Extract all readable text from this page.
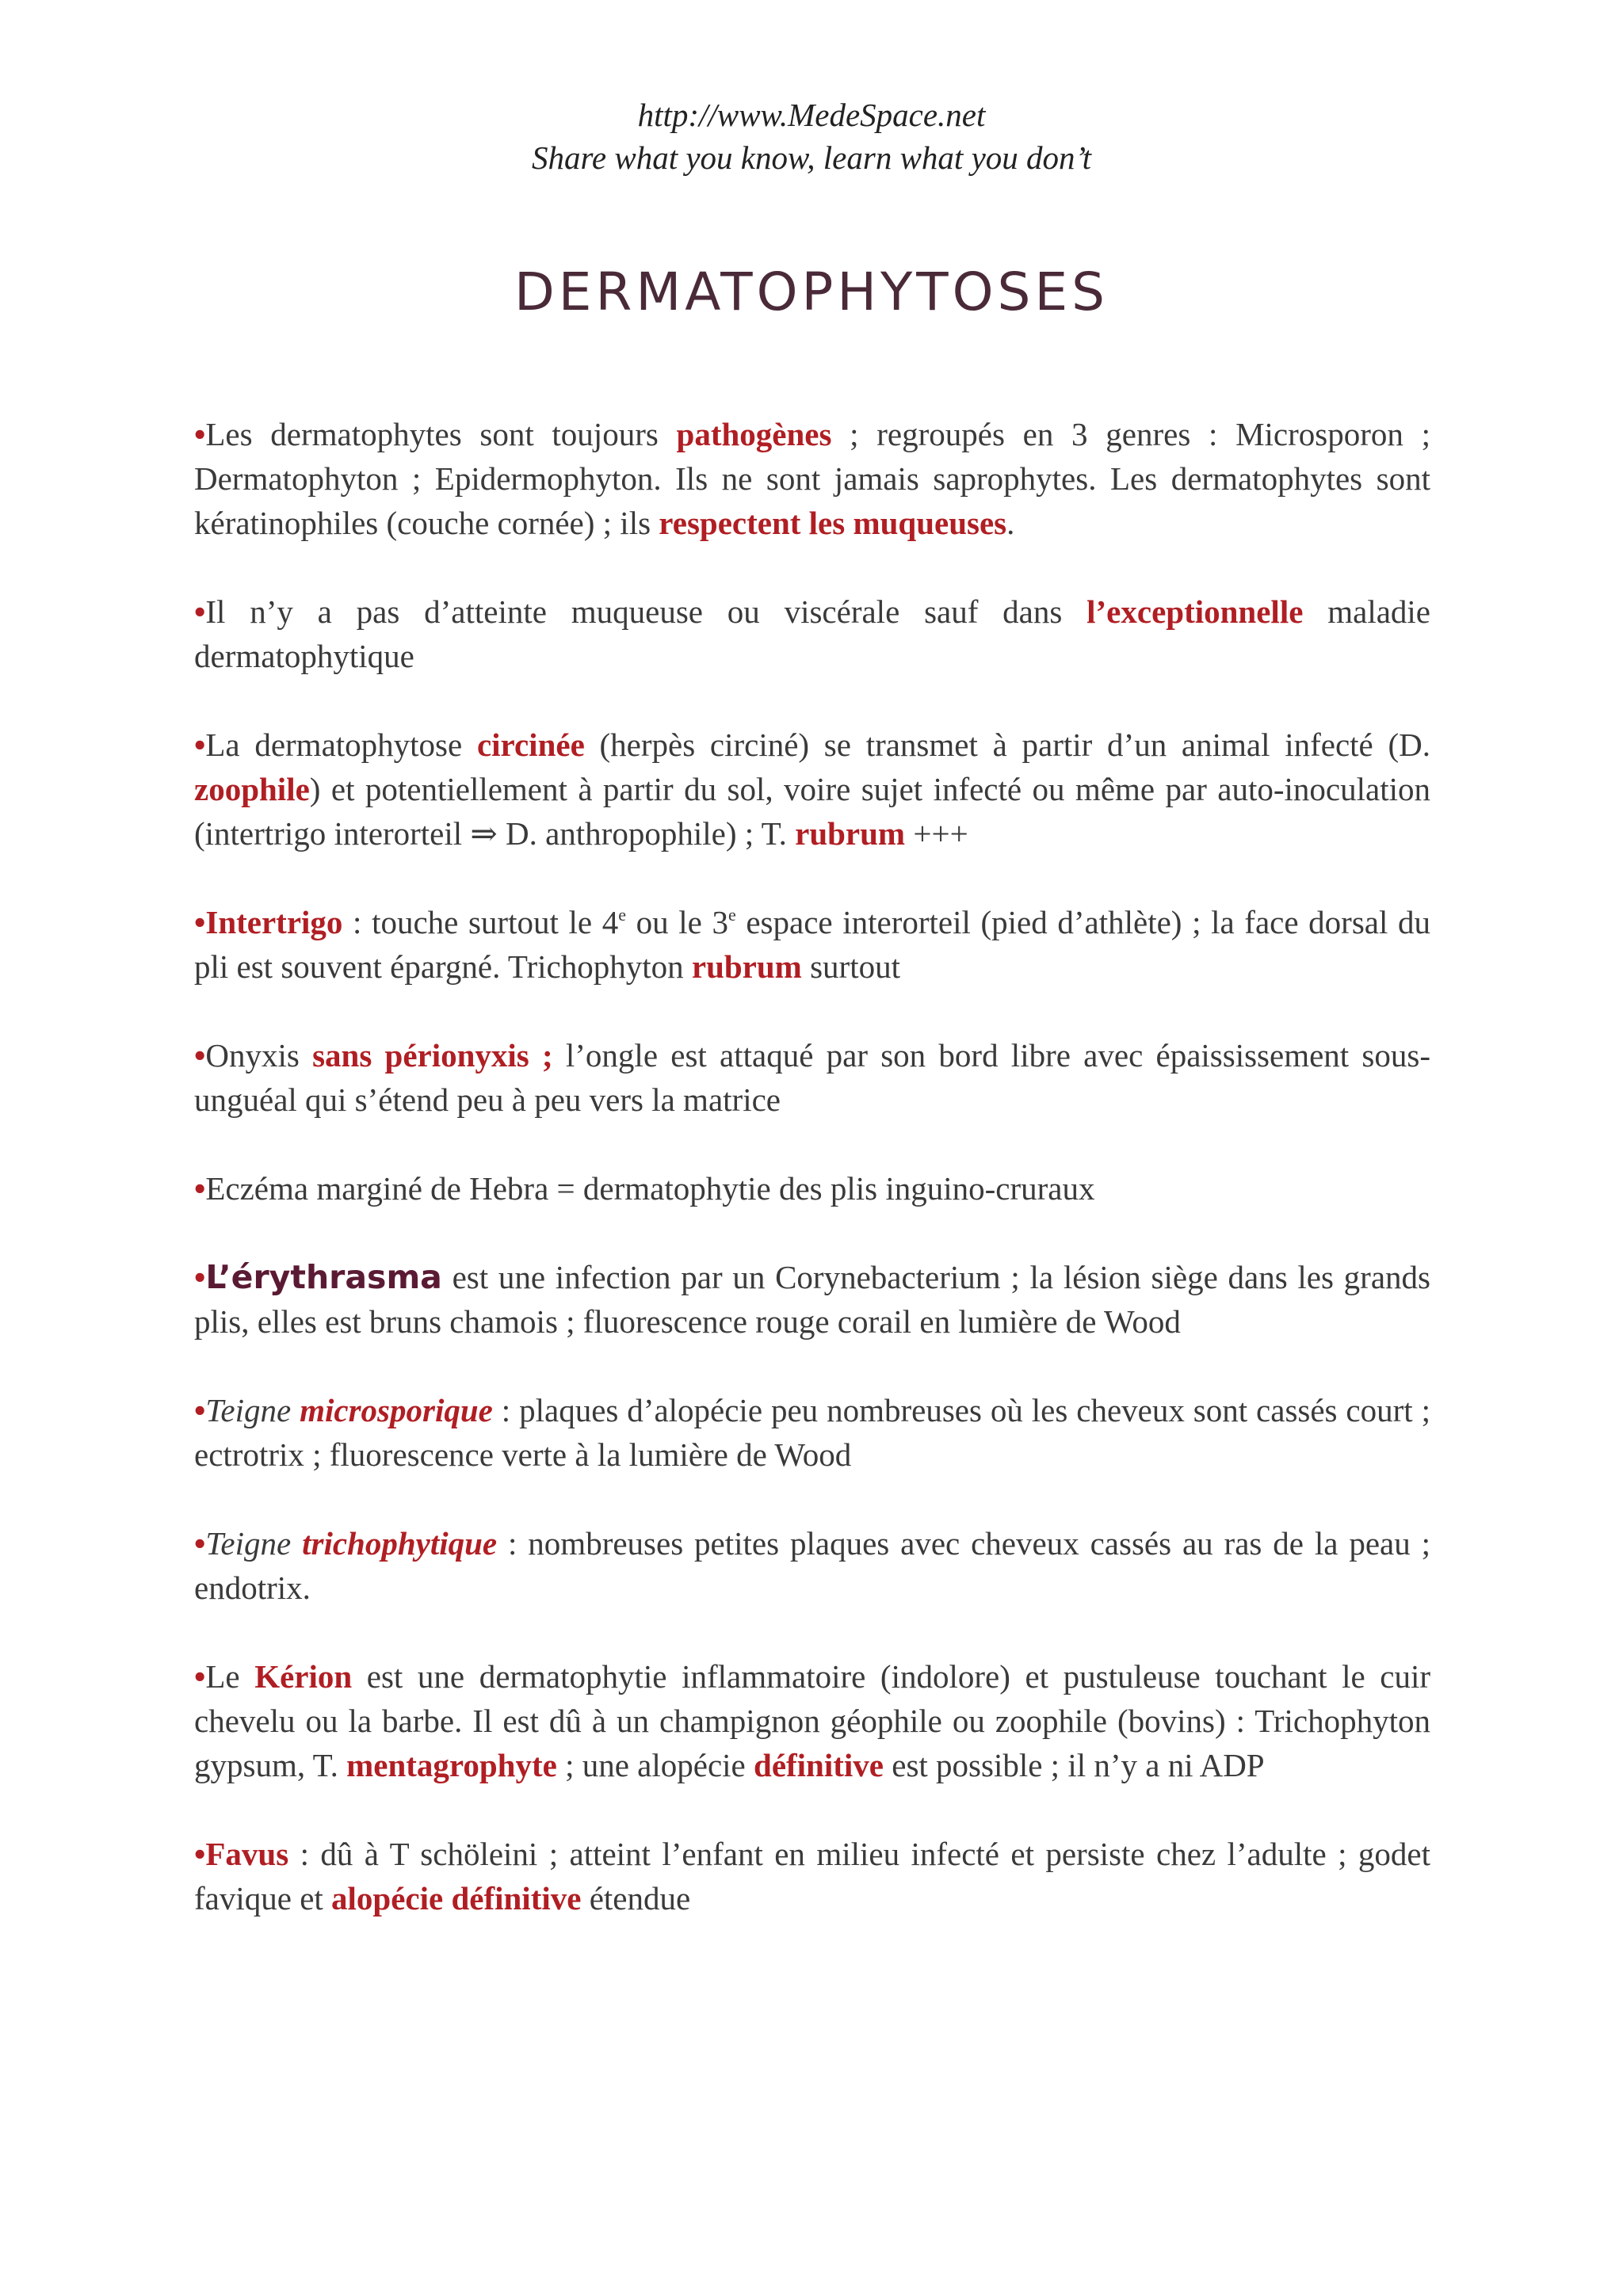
http://www.MedeSpace.net
Share what you know, learn what you don’t
DERMATOPHYTOSES

•Les dermatophytes sont toujours pathogènes ; regroupés en 3 genres : Microsporon ; Dermatophyton ; Epidermophyton. Ils ne sont jamais saprophytes. Les dermatophytes sont kératinophiles (couche cornée) ; ils respectent les muqueuses.

•Il n’y a pas d’atteinte muqueuse ou viscérale sauf dans l’exceptionnelle maladie dermatophytique

•La dermatophytose circinée (herpès circiné) se transmet à partir d’un animal infecté (D. zoophile) et potentiellement à partir du sol, voire sujet infecté ou même par auto-inoculation (intertrigo interorteil ⇒ D. anthropophile) ; T. rubrum +++

•Intertrigo : touche surtout le 4e ou le 3e espace interorteil (pied d’athlète) ; la face dorsal du pli est souvent épargné. Trichophyton rubrum surtout

•Onyxis sans périonyxis ; l’ongle est attaqué par son bord libre avec épaississement sous-unguéal qui s’étend peu à peu vers la matrice

•Eczéma marginé de Hebra = dermatophytie des plis inguino-cruraux

•L’érythrasma est une infection par un Corynebacterium ; la lésion siège dans les grands plis, elles est bruns chamois ; fluorescence rouge corail en lumière de Wood

•Teigne microsporique : plaques d’alopécie peu nombreuses où les cheveux sont cassés court ; ectrotrix ; fluorescence verte à la lumière de Wood

•Teigne trichophytique : nombreuses petites plaques avec cheveux cassés au ras de la peau ; endotrix.

•Le Kérion est une dermatophytie inflammatoire (indolore) et pustuleuse touchant le cuir chevelu ou la barbe. Il est dû à un champignon géophile ou zoophile (bovins) : Trichophyton gypsum, T. mentagrophyte ; une alopécie définitive est possible ; il n’y a ni ADP

•Favus : dû à T schöleini ; atteint l’enfant en milieu infecté et persiste chez l’adulte ; godet favique et alopécie définitive étendue
